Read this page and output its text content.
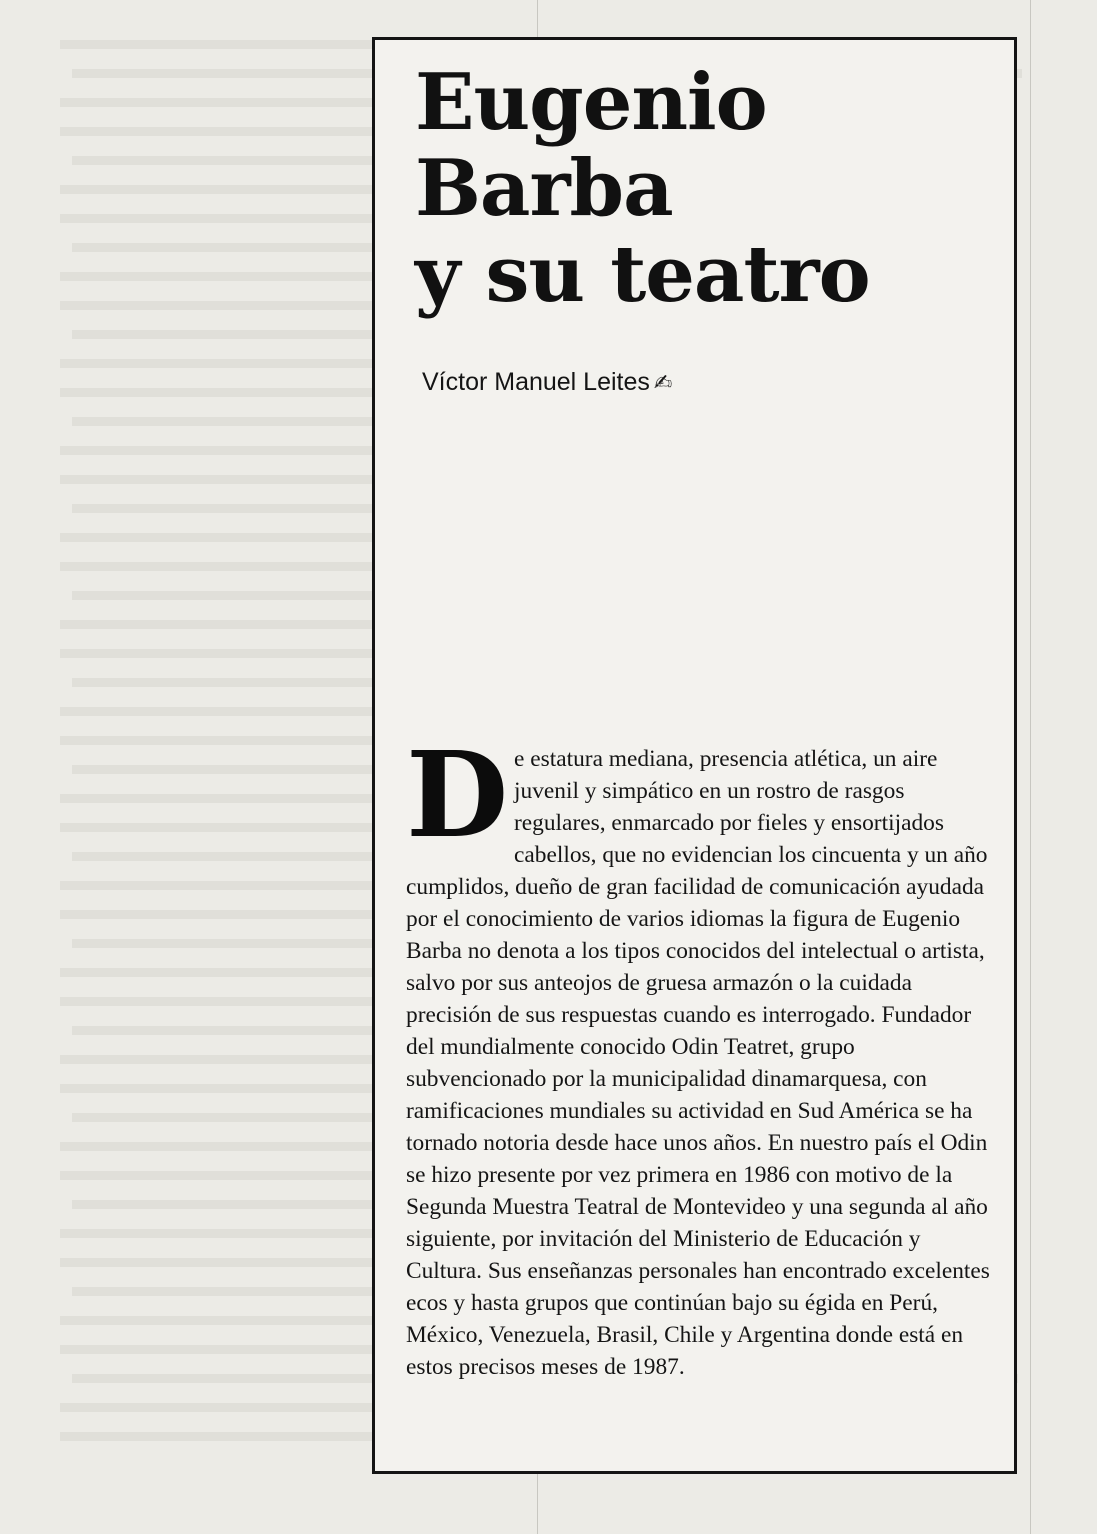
Eugenio
Barba
y su teatro
Víctor Manuel Leites ✍
De estatura mediana, presencia atlética, un aire juvenil y simpático en un rostro de rasgos regulares, enmarcado por fieles y ensortijados cabellos, que no evidencian los cincuenta y un año cumplidos, dueño de gran facilidad de comunicación ayudada por el conocimiento de varios idiomas la figura de Eugenio Barba no denota a los tipos conocidos del intelectual o artista, salvo por sus anteojos de gruesa armazón o la cuidada precisión de sus respuestas cuando es interrogado. Fundador del mundialmente conocido Odin Teatret, grupo subvencionado por la municipalidad dinamarquesa, con ramificaciones mundiales su actividad en Sud América se ha tornado notoria desde hace unos años. En nuestro país el Odin se hizo presente por vez primera en 1986 con motivo de la Segunda Muestra Teatral de Montevideo y una segunda al año siguiente, por invitación del Ministerio de Educación y Cultura. Sus enseñanzas personales han encontrado excelentes ecos y hasta grupos que continúan bajo su égida en Perú, México, Venezuela, Brasil, Chile y Argentina donde está en estos precisos meses de 1987.
